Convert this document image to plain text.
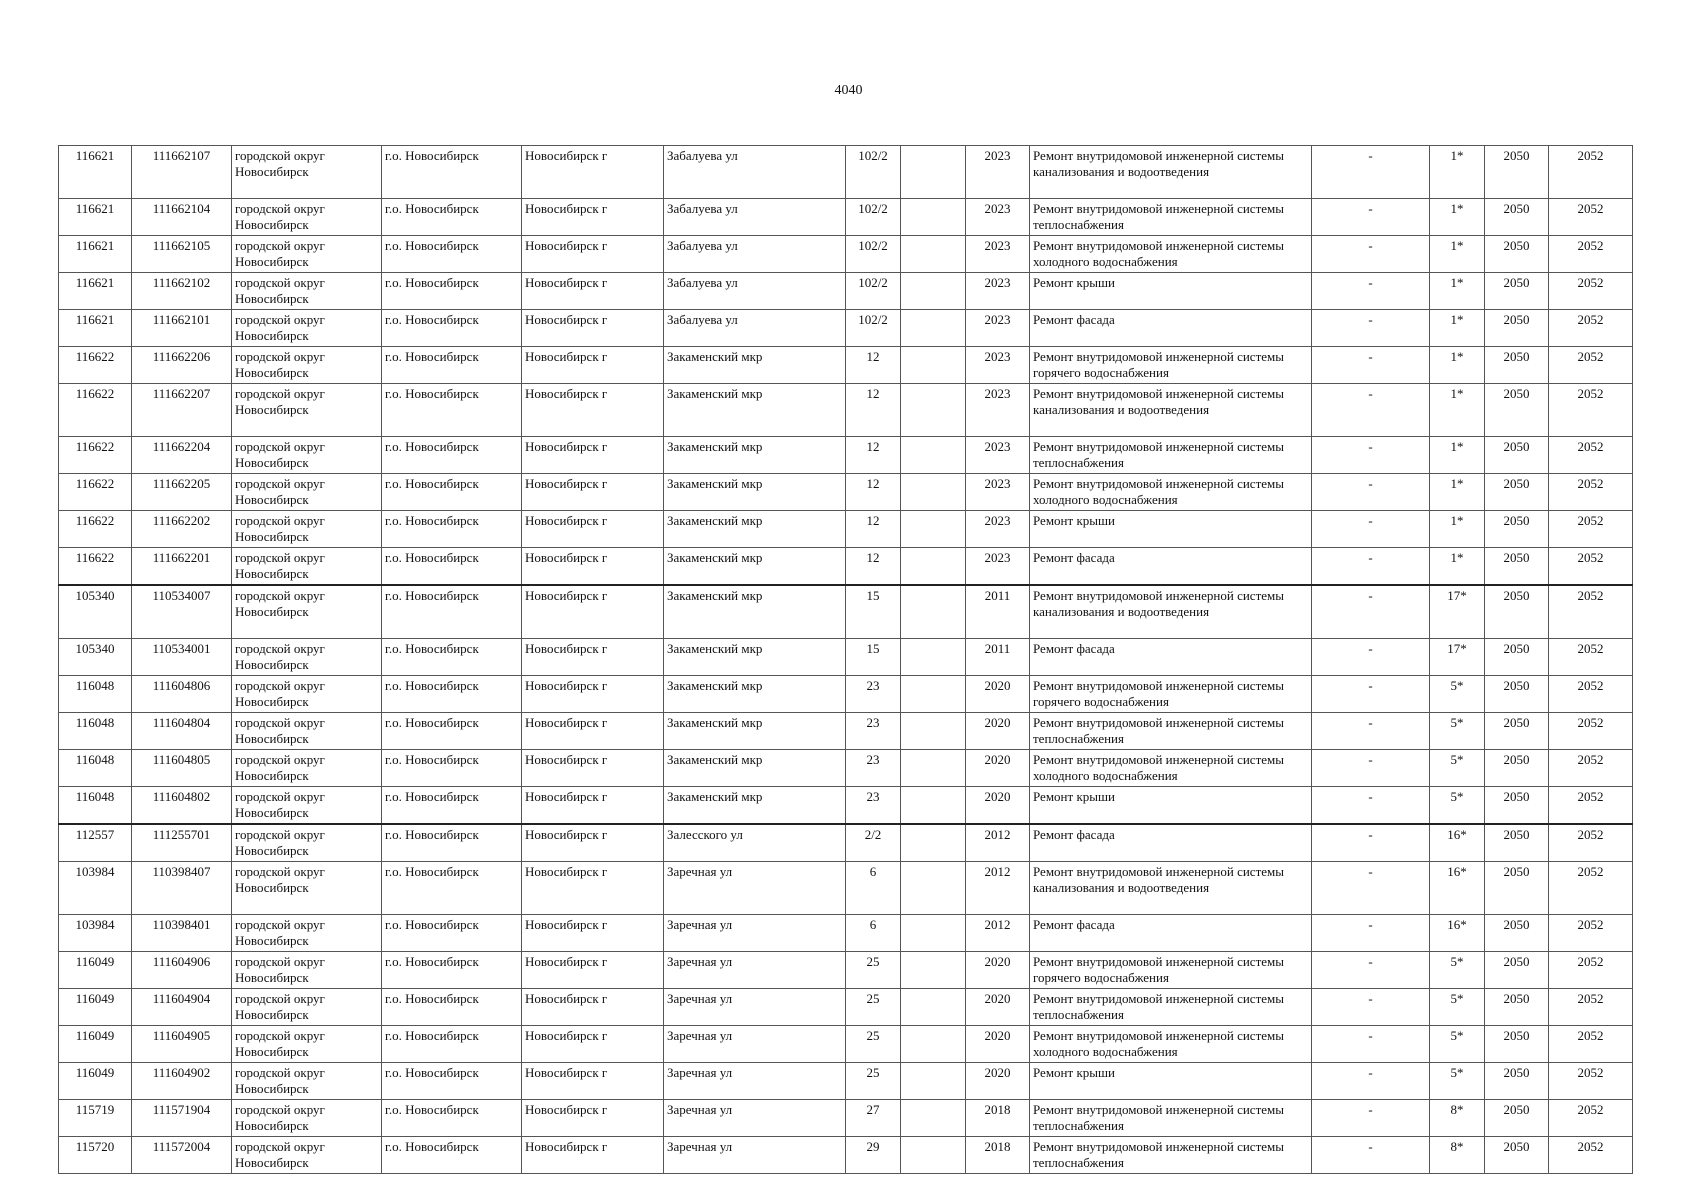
4040
116621	111662107	городской округ Новосибирск	г.о. Новосибирск	Новосибирск г	Забалуева ул	102/2		2023	Ремонт внутридомовой инженерной системы канализования и водоотведения	-	1*	2050	2052
116621	111662104	городской округ Новосибирск	г.о. Новосибирск	Новосибирск г	Забалуева ул	102/2		2023	Ремонт внутридомовой инженерной системы теплоснабжения	-	1*	2050	2052
116621	111662105	городской округ Новосибирск	г.о. Новосибирск	Новосибирск г	Забалуева ул	102/2		2023	Ремонт внутридомовой инженерной системы холодного водоснабжения	-	1*	2050	2052
116621	111662102	городской округ Новосибирск	г.о. Новосибирск	Новосибирск г	Забалуева ул	102/2		2023	Ремонт крыши	-	1*	2050	2052
116621	111662101	городской округ Новосибирск	г.о. Новосибирск	Новосибирск г	Забалуева ул	102/2		2023	Ремонт фасада	-	1*	2050	2052
116622	111662206	городской округ Новосибирск	г.о. Новосибирск	Новосибирск г	Закаменский мкр	12		2023	Ремонт внутридомовой инженерной системы горячего водоснабжения	-	1*	2050	2052
116622	111662207	городской округ Новосибирск	г.о. Новосибирск	Новосибирск г	Закаменский мкр	12		2023	Ремонт внутридомовой инженерной системы канализования и водоотведения	-	1*	2050	2052
116622	111662204	городской округ Новосибирск	г.о. Новосибирск	Новосибирск г	Закаменский мкр	12		2023	Ремонт внутридомовой инженерной системы теплоснабжения	-	1*	2050	2052
116622	111662205	городской округ Новосибирск	г.о. Новосибирск	Новосибирск г	Закаменский мкр	12		2023	Ремонт внутридомовой инженерной системы холодного водоснабжения	-	1*	2050	2052
116622	111662202	городской округ Новосибирск	г.о. Новосибирск	Новосибирск г	Закаменский мкр	12		2023	Ремонт крыши	-	1*	2050	2052
116622	111662201	городской округ Новосибирск	г.о. Новосибирск	Новосибирск г	Закаменский мкр	12		2023	Ремонт фасада	-	1*	2050	2052
105340	110534007	городской округ Новосибирск	г.о. Новосибирск	Новосибирск г	Закаменский мкр	15		2011	Ремонт внутридомовой инженерной системы канализования и водоотведения	-	17*	2050	2052
105340	110534001	городской округ Новосибирск	г.о. Новосибирск	Новосибирск г	Закаменский мкр	15		2011	Ремонт фасада	-	17*	2050	2052
116048	111604806	городской округ Новосибирск	г.о. Новосибирск	Новосибирск г	Закаменский мкр	23		2020	Ремонт внутридомовой инженерной системы горячего водоснабжения	-	5*	2050	2052
116048	111604804	городской округ Новосибирск	г.о. Новосибирск	Новосибирск г	Закаменский мкр	23		2020	Ремонт внутридомовой инженерной системы теплоснабжения	-	5*	2050	2052
116048	111604805	городской округ Новосибирск	г.о. Новосибирск	Новосибирск г	Закаменский мкр	23		2020	Ремонт внутридомовой инженерной системы холодного водоснабжения	-	5*	2050	2052
116048	111604802	городской округ Новосибирск	г.о. Новосибирск	Новосибирск г	Закаменский мкр	23		2020	Ремонт крыши	-	5*	2050	2052
112557	111255701	городской округ Новосибирск	г.о. Новосибирск	Новосибирск г	Залесского ул	2/2		2012	Ремонт фасада	-	16*	2050	2052
103984	110398407	городской округ Новосибирск	г.о. Новосибирск	Новосибирск г	Заречная ул	6		2012	Ремонт внутридомовой инженерной системы канализования и водоотведения	-	16*	2050	2052
103984	110398401	городской округ Новосибирск	г.о. Новосибирск	Новосибирск г	Заречная ул	6		2012	Ремонт фасада	-	16*	2050	2052
116049	111604906	городской округ Новосибирск	г.о. Новосибирск	Новосибирск г	Заречная ул	25		2020	Ремонт внутридомовой инженерной системы горячего водоснабжения	-	5*	2050	2052
116049	111604904	городской округ Новосибирск	г.о. Новосибирск	Новосибирск г	Заречная ул	25		2020	Ремонт внутридомовой инженерной системы теплоснабжения	-	5*	2050	2052
116049	111604905	городской округ Новосибирск	г.о. Новосибирск	Новосибирск г	Заречная ул	25		2020	Ремонт внутридомовой инженерной системы холодного водоснабжения	-	5*	2050	2052
116049	111604902	городской округ Новосибирск	г.о. Новосибирск	Новосибирск г	Заречная ул	25		2020	Ремонт крыши	-	5*	2050	2052
115719	111571904	городской округ Новосибирск	г.о. Новосибирск	Новосибирск г	Заречная ул	27		2018	Ремонт внутридомовой инженерной системы теплоснабжения	-	8*	2050	2052
115720	111572004	городской округ Новосибирск	г.о. Новосибирск	Новосибирск г	Заречная ул	29		2018	Ремонт внутридомовой инженерной системы теплоснабжения	-	8*	2050	2052
